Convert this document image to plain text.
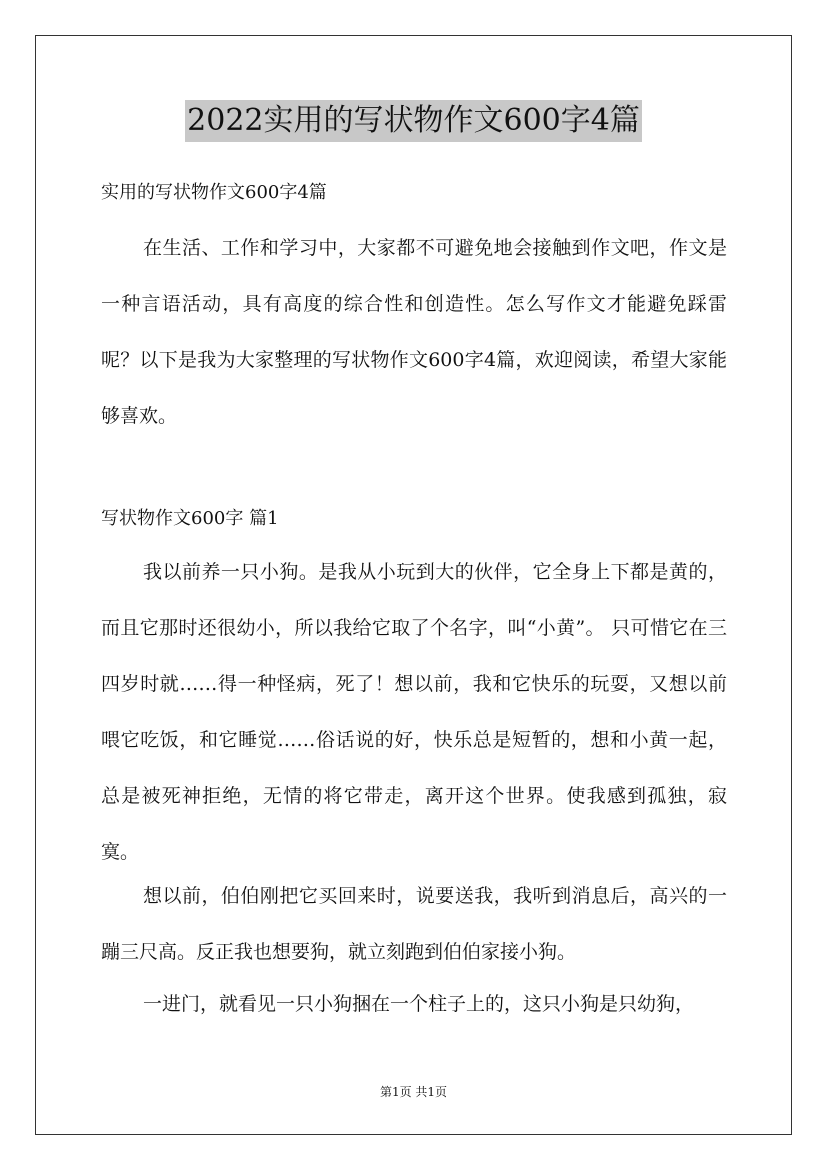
2022实用的写状物作文600字4篇
实用的写状物作文600字4篇

在生活、工作和学习中，大家都不可避免地会接触到作文吧，作文是一种言语活动，具有高度的综合性和创造性。怎么写作文才能避免踩雷呢？以下是我为大家整理的写状物作文600字4篇，欢迎阅读，希望大家能够喜欢。

写状物作文600字 篇1

我以前养一只小狗。是我从小玩到大的伙伴，它全身上下都是黄的，而且它那时还很幼小，所以我给它取了个名字，叫“小黄”。 只可惜它在三四岁时就……得一种怪病，死了！想以前，我和它快乐的玩耍，又想以前喂它吃饭，和它睡觉……俗话说的好，快乐总是短暂的，想和小黄一起，总是被死神拒绝，无情的将它带走，离开这个世界。使我感到孤独，寂寞。

想以前，伯伯刚把它买回来时，说要送我，我听到消息后，高兴的一蹦三尺高。反正我也想要狗，就立刻跑到伯伯家接小狗。

一进门，就看见一只小狗捆在一个柱子上的，这只小狗是只幼狗，

第1页 共1页
